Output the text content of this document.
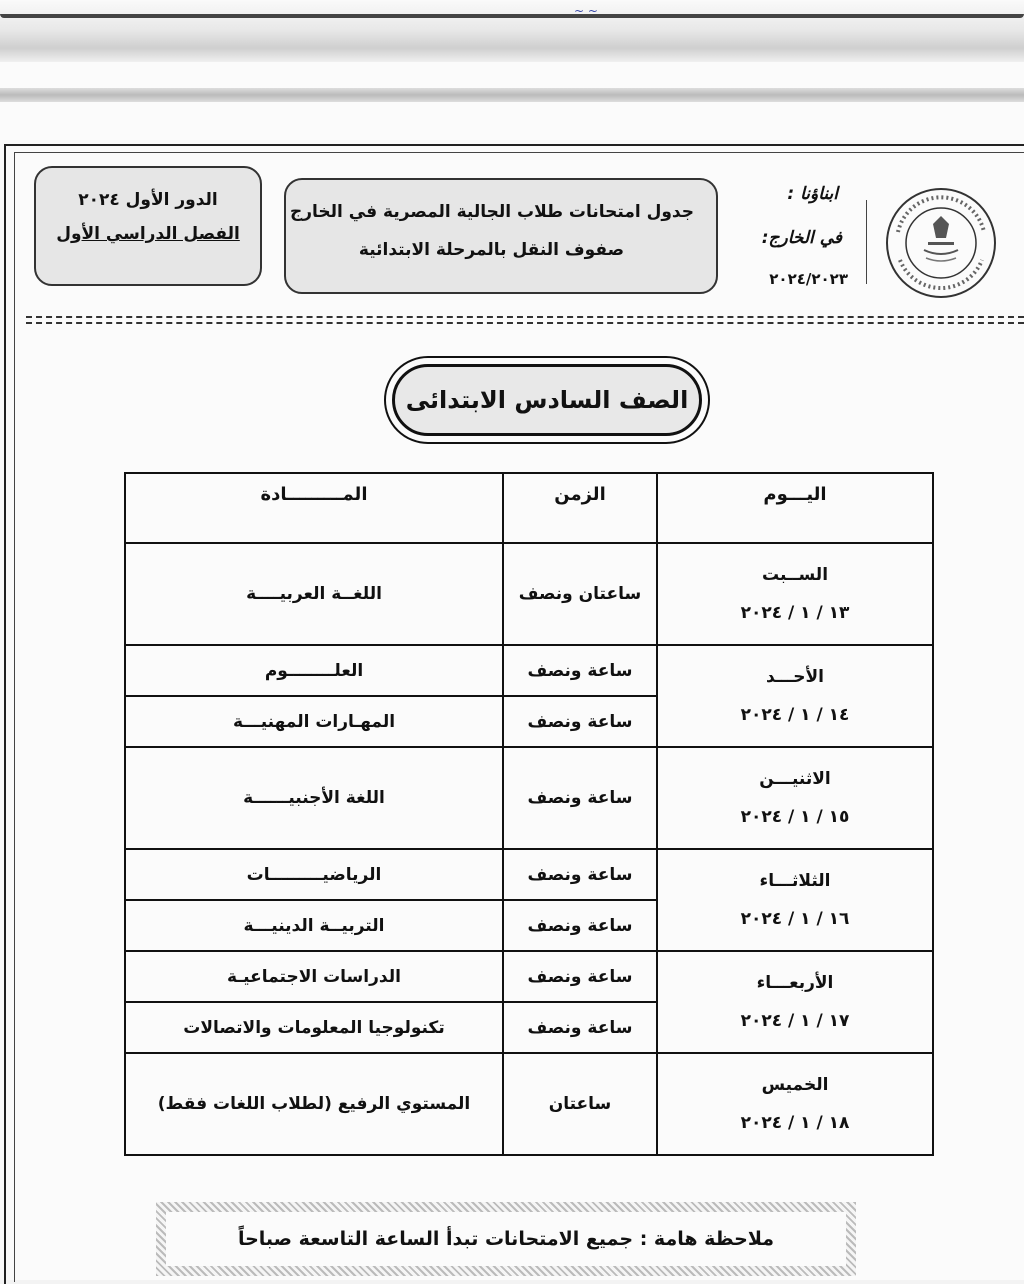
~ ~
الدور الأول ٢٠٢٤
الفصل الدراسي الأول
جدول امتحانات طلاب الجالية المصرية في الخارج
صفوف النقل بالمرحلة الابتدائية
ابناؤنا :
في الخارج:
٢٠٢٤/٢٠٢٣
الصف السادس الابتدائى
اليـــوم	الزمن	المـــــــــادة

الســبت
١٣ / ١ / ٢٠٢٤	ساعتان ونصف	اللغــة العربيــــة

الأحـــد
١٤ / ١ / ٢٠٢٤	ساعة ونصف	العلــــــــوم
	ساعة ونصف	المهـارات المهنيـــة

الاثنيـــن
١٥ / ١ / ٢٠٢٤	ساعة ونصف	اللغة الأجنبيــــــة

الثلاثـــاء
١٦ / ١ / ٢٠٢٤	ساعة ونصف	الرياضيـــــــــات
	ساعة ونصف	التربيــة الدينيـــة

الأربعـــاء
١٧ / ١ / ٢٠٢٤	ساعة ونصف	الدراسات الاجتماعيـة
	ساعة ونصف	تكنولوجيا المعلومات والاتصالات

الخميس
١٨ / ١ / ٢٠٢٤	ساعتان	المستوي الرفيع (لطلاب اللغات فقط)
ملاحظة هامة : جميع الامتحانات تبدأ الساعة التاسعة صباحاً
